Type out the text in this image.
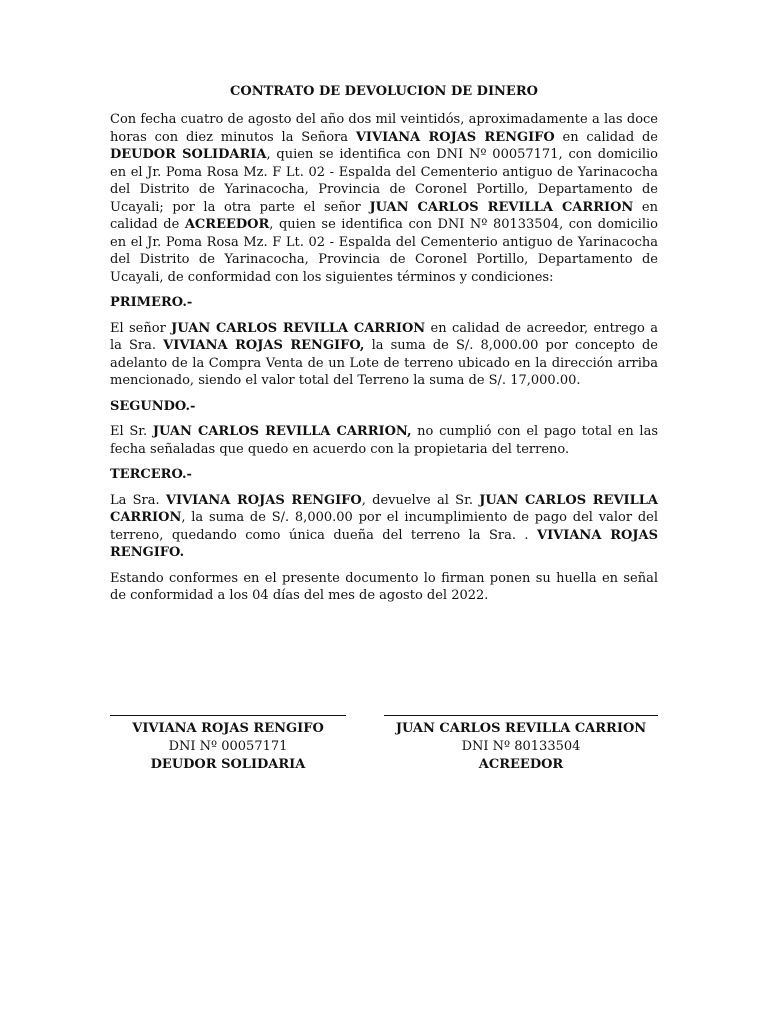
CONTRATO DE DEVOLUCION DE DINERO

Con fecha cuatro de agosto del año dos mil veintidós, aproximadamente a las doce horas con diez minutos la Señora VIVIANA ROJAS RENGIFO en calidad de DEUDOR SOLIDARIA, quien se identifica con DNI Nº 00057171, con domicilio en el Jr. Poma Rosa Mz. F Lt. 02 - Espalda del Cementerio antiguo de Yarinacocha del Distrito de Yarinacocha, Provincia de Coronel Portillo, Departamento de Ucayali; por la otra parte el señor JUAN CARLOS REVILLA CARRION en calidad de ACREEDOR, quien se identifica con DNI Nº 80133504, con domicilio en el Jr. Poma Rosa Mz. F Lt. 02 - Espalda del Cementerio antiguo de Yarinacocha del Distrito de Yarinacocha, Provincia de Coronel Portillo, Departamento de Ucayali, de conformidad con los siguientes términos y condiciones:

PRIMERO.-

El señor JUAN CARLOS REVILLA CARRION en calidad de acreedor, entrego a la Sra. VIVIANA ROJAS RENGIFO, la suma de S/. 8,000.00 por concepto de adelanto de la Compra Venta de un Lote de terreno ubicado en la dirección arriba mencionado, siendo el valor total del Terreno la suma de S/. 17,000.00.

SEGUNDO.-

El Sr. JUAN CARLOS REVILLA CARRION, no cumplió con el pago total en las fecha señaladas que quedo en acuerdo con la propietaria del terreno.

TERCERO.-

La Sra. VIVIANA ROJAS RENGIFO, devuelve al Sr. JUAN CARLOS REVILLA CARRION, la suma de S/. 8,000.00 por el incumplimiento de pago del valor del terreno, quedando como única dueña del terreno la Sra. . VIVIANA ROJAS RENGIFO.

Estando conformes en el presente documento lo firman ponen su huella en señal de conformidad a los 04 días del mes de agosto del 2022.

VIVIANA ROJAS RENGIFO
DNI Nº 00057171
DEUDOR SOLIDARIA
JUAN CARLOS REVILLA CARRION
DNI Nº 80133504
ACREEDOR
